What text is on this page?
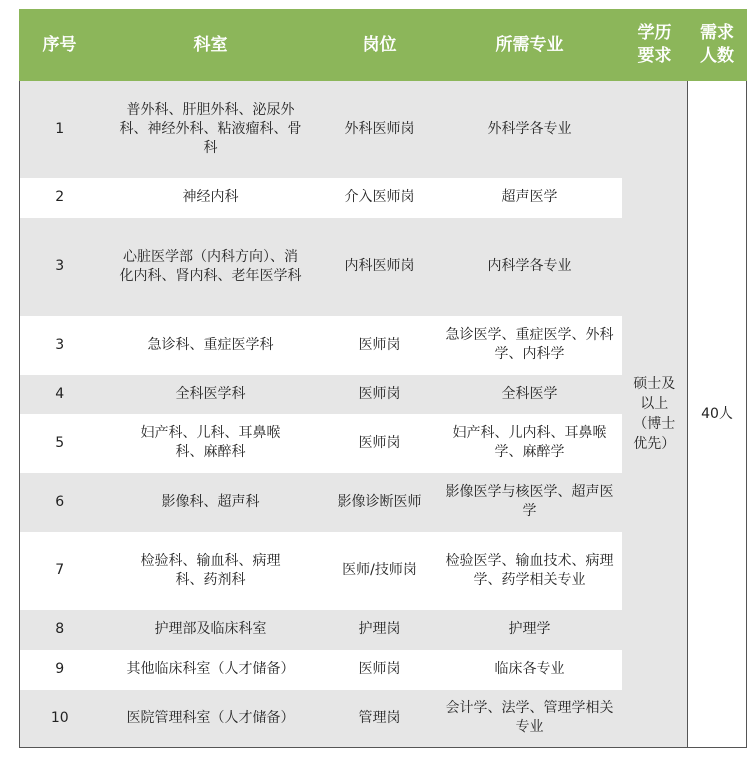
序号	科室	岗位	所需专业	学历要求	需求人数
1	普外科、肝胆外科、泌尿外科、神经外科、粘液瘤科、骨科	外科医师岗	外科学各专业	硕士及以上（博士优先）	40人
2	神经内科	介入医师岗	超声医学		
3	心脏医学部（内科方向）、消化内科、肾内科、老年医学科	内科医师岗	内科学各专业		
3	急诊科、重症医学科	医师岗	急诊医学、重症医学、外科学、内科学		
4	全科医学科	医师岗	全科医学		
5	妇产科、儿科、耳鼻喉科、麻醉科	医师岗	妇产科、儿内科、耳鼻喉学、麻醉学		
6	影像科、超声科	影像诊断医师	影像医学与核医学、超声医学		
7	检验科、输血科、病理科、药剂科	医师/技师岗	检验医学、输血技术、病理学、药学相关专业		
8	护理部及临床科室	护理岗	护理学		
9	其他临床科室（人才储备）	医师岗	临床各专业		
10	医院管理科室（人才储备）	管理岗	会计学、法学、管理学相关专业		
